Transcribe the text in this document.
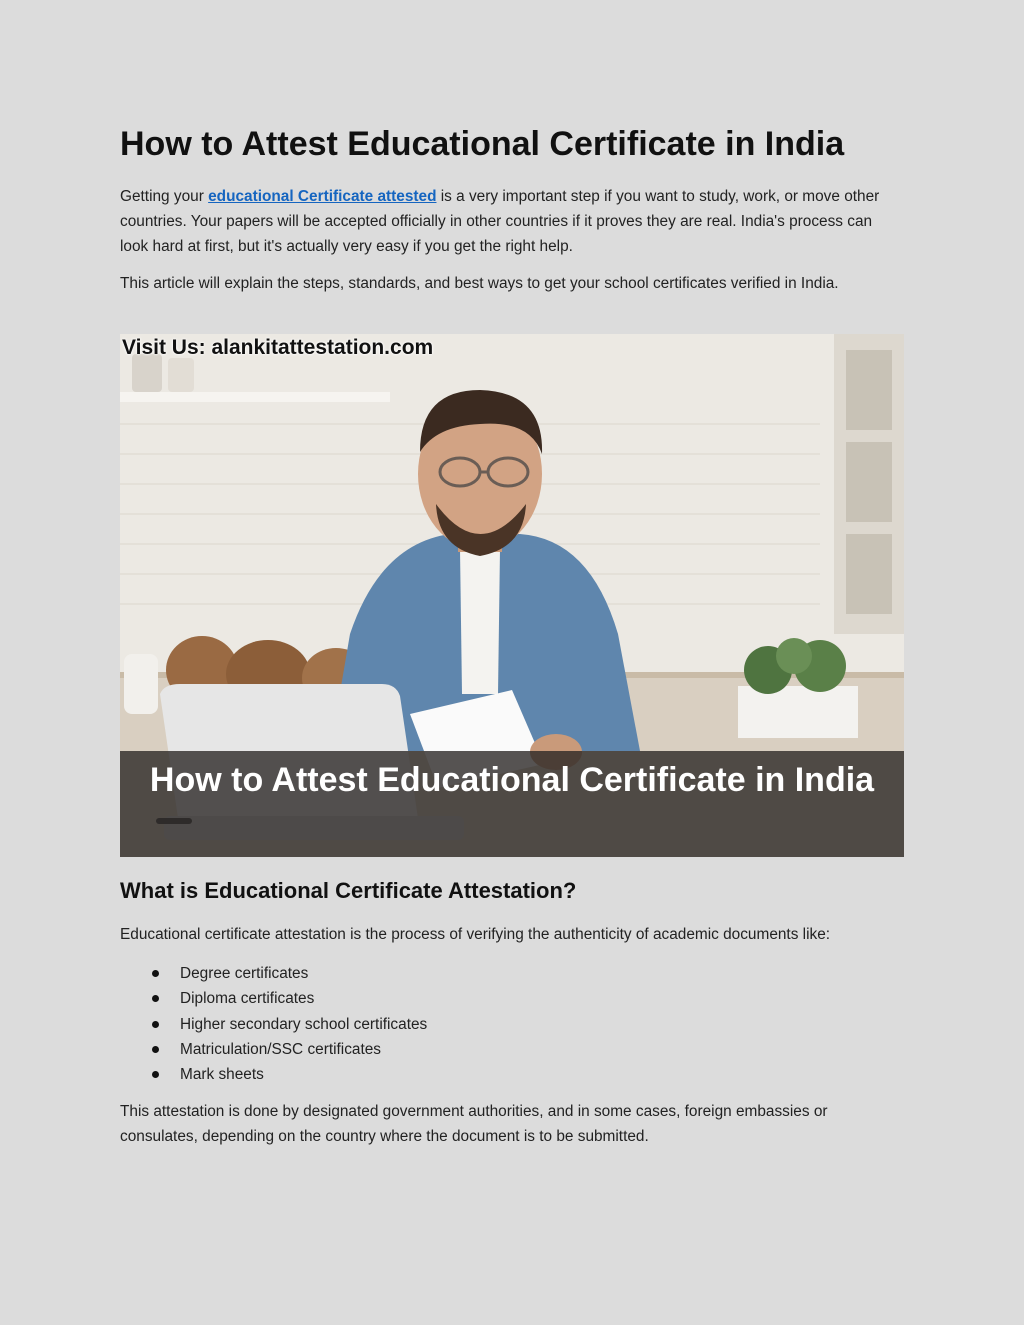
How to Attest Educational Certificate in India

Getting your educational Certificate attested is a very important step if you want to study, work, or move other countries. Your papers will be accepted officially in other countries if it proves they are real. India's process can look hard at first, but it's actually very easy if you get the right help.

This article will explain the steps, standards, and best ways to get your school certificates verified in India.

Visit Us: alankitattestation.com
How to Attest Educational Certificate in India
What is Educational Certificate Attestation?

Educational certificate attestation is the process of verifying the authenticity of academic documents like:

Degree certificates
Diploma certificates
Higher secondary school certificates
Matriculation/SSC certificates
Mark sheets

This attestation is done by designated government authorities, and in some cases, foreign embassies or consulates, depending on the country where the document is to be submitted.
